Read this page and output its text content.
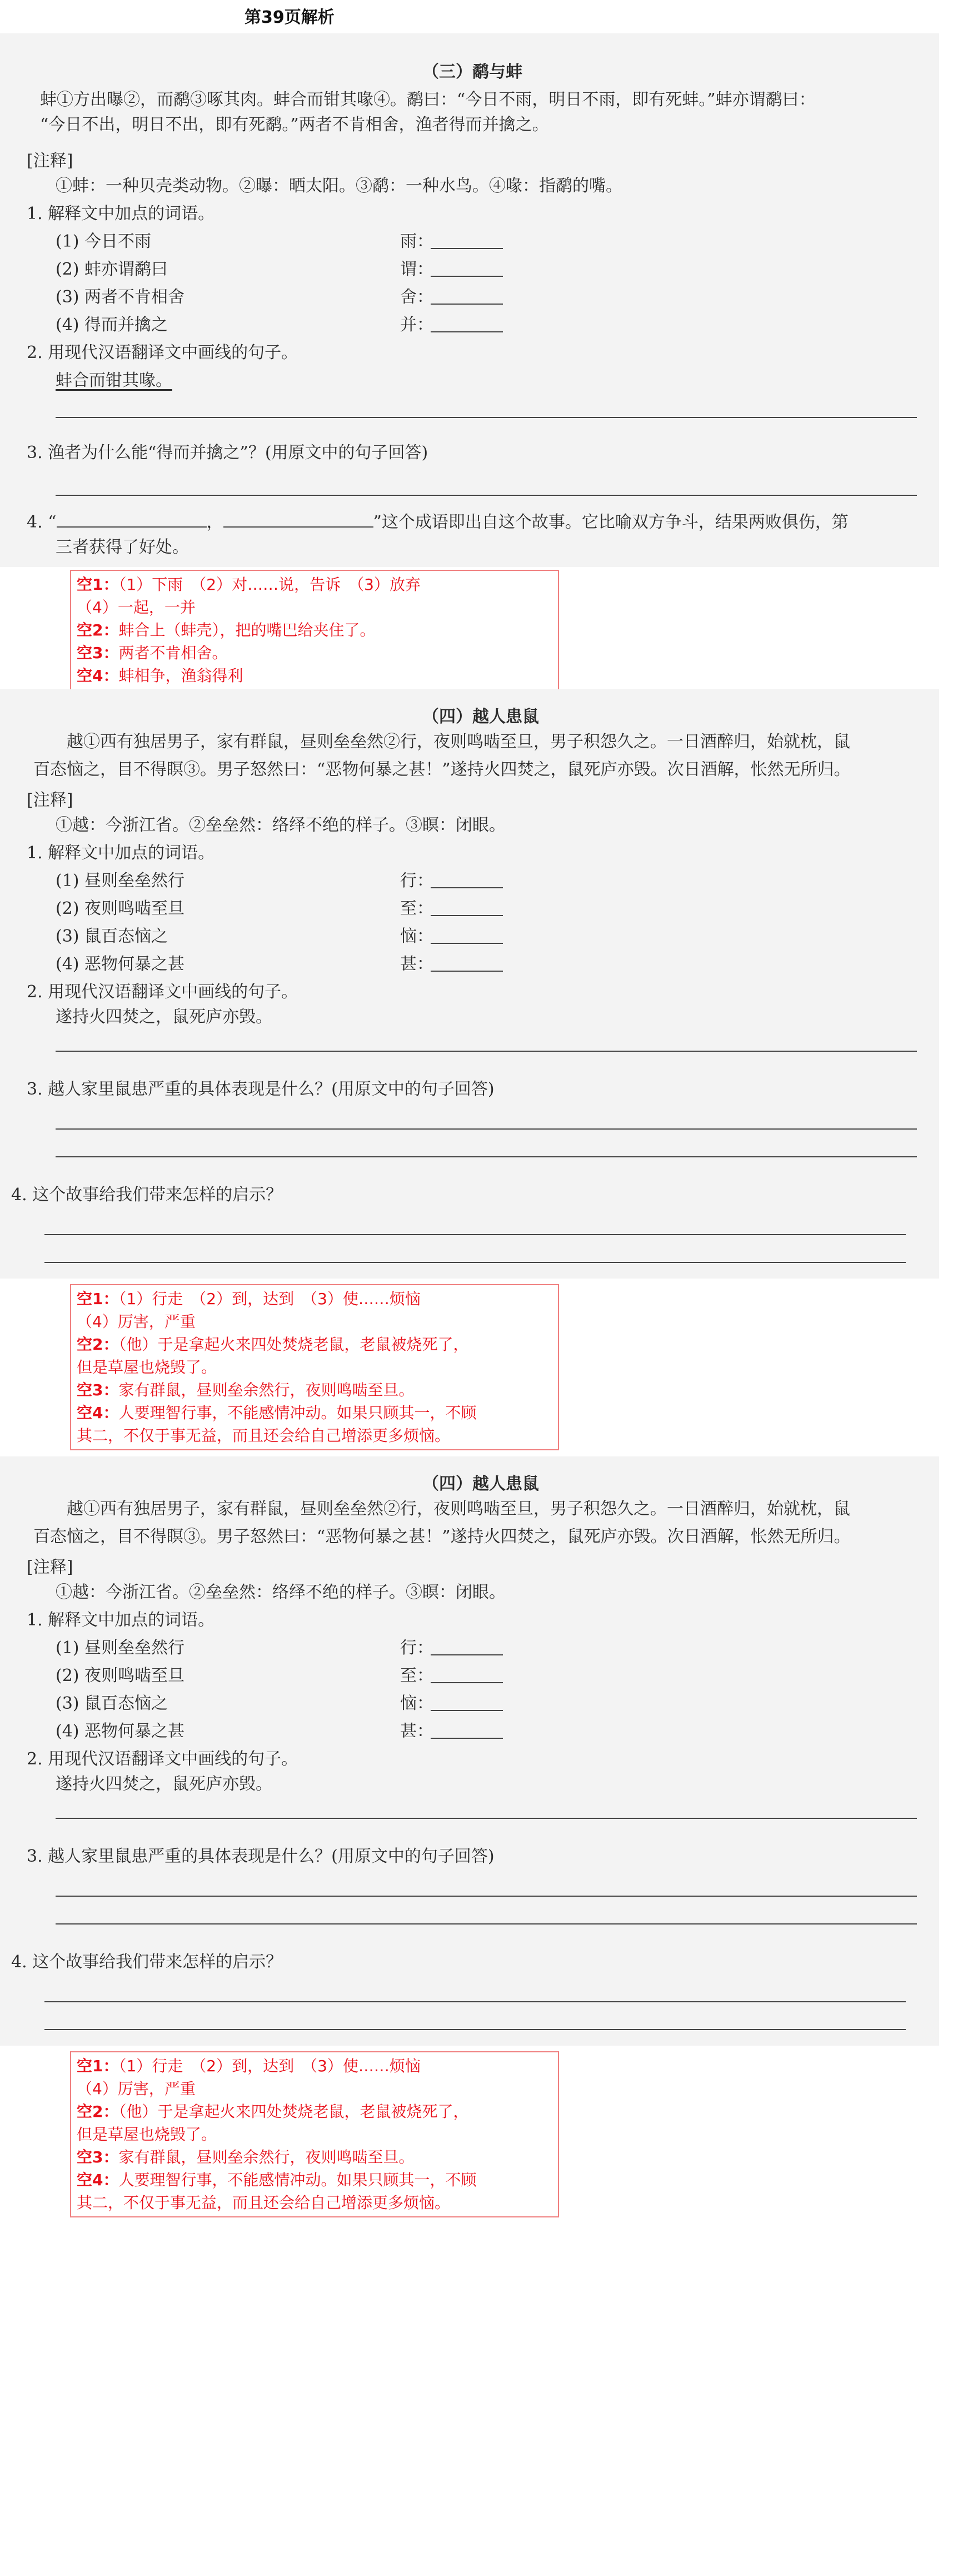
第39页解析
（三）鹬与蚌
蚌①方出曝②，而鹬③啄其肉。蚌合而钳其喙④。鹬曰：“今日不雨，明日不雨，即有死蚌。”蚌亦谓鹬曰：
“今日不出，明日不出，即有死鹬。”两者不肯相舍，渔者得而并擒之。
[注释]
①蚌：一种贝壳类动物。②曝：晒太阳。③鹬：一种水鸟。④喙：指鹬的嘴。
1. 解释文中加点的词语。
(1) 今日不雨	雨：
(2) 蚌亦谓鹬曰	谓：
(3) 两者不肯相舍	舍：
(4) 得而并擒之	并：
2. 用现代汉语翻译文中画线的句子。
蚌合而钳其喙。
3. 渔者为什么能“得而并擒之”？(用原文中的句子回答)
4. “	，	”这个成语即出自这个故事。它比喻双方争斗，结果两败俱伤，第
三者获得了好处。
空1：（1）下雨　（2）对……说，告诉　（3）放弃
（4）一起，一并
空2：蚌合上（蚌壳），把的嘴巴给夹住了。
空3：两者不肯相舍。
空4：蚌相争，渔翁得利
（四）越人患鼠
越①西有独居男子，家有群鼠，昼则垒垒然②行，夜则鸣啮至旦，男子积怨久之。一日酒醉归，始就枕，鼠
百态恼之，目不得瞑③。男子怒然曰：“恶物何暴之甚！”遂持火四焚之，鼠死庐亦毁。次日酒解，怅然无所归。
[注释]
①越：今浙江省。②垒垒然：络绎不绝的样子。③瞑：闭眼。
1. 解释文中加点的词语。
(1) 昼则垒垒然行	行：
(2) 夜则鸣啮至旦	至：
(3) 鼠百态恼之	恼：
(4) 恶物何暴之甚	甚：
2. 用现代汉语翻译文中画线的句子。
遂持火四焚之，鼠死庐亦毁。
3. 越人家里鼠患严重的具体表现是什么？(用原文中的句子回答)
4. 这个故事给我们带来怎样的启示？
空1：（1）行走　（2）到，达到　（3）使……烦恼
（4）厉害，严重
空2：（他）于是拿起火来四处焚烧老鼠，老鼠被烧死了，
但是草屋也烧毁了。
空3：家有群鼠，昼则垒余然行，夜则鸣啮至旦。
空4：人要理智行事，不能感情冲动。如果只顾其一，不顾
其二，不仅于事无益，而且还会给自己增添更多烦恼。
（四）越人患鼠
越①西有独居男子，家有群鼠，昼则垒垒然②行，夜则鸣啮至旦，男子积怨久之。一日酒醉归，始就枕，鼠
百态恼之，目不得瞑③。男子怒然曰：“恶物何暴之甚！”遂持火四焚之，鼠死庐亦毁。次日酒解，怅然无所归。
[注释]
①越：今浙江省。②垒垒然：络绎不绝的样子。③瞑：闭眼。
1. 解释文中加点的词语。
(1) 昼则垒垒然行	行：
(2) 夜则鸣啮至旦	至：
(3) 鼠百态恼之	恼：
(4) 恶物何暴之甚	甚：
2. 用现代汉语翻译文中画线的句子。
遂持火四焚之，鼠死庐亦毁。
3. 越人家里鼠患严重的具体表现是什么？(用原文中的句子回答)
4. 这个故事给我们带来怎样的启示？
空1：（1）行走　（2）到，达到　（3）使……烦恼
（4）厉害，严重
空2：（他）于是拿起火来四处焚烧老鼠，老鼠被烧死了，
但是草屋也烧毁了。
空3：家有群鼠，昼则垒余然行，夜则鸣啮至旦。
空4：人要理智行事，不能感情冲动。如果只顾其一，不顾
其二，不仅于事无益，而且还会给自己增添更多烦恼。
